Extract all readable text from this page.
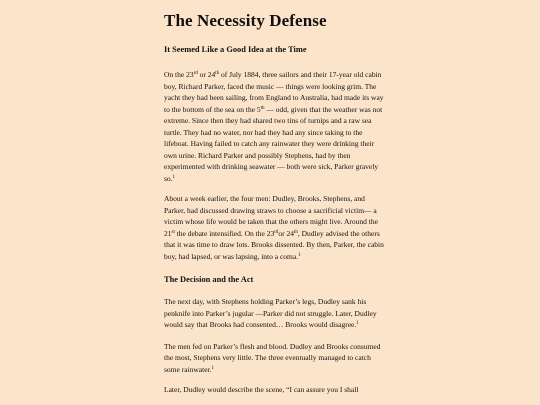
The Necessity Defense
It Seemed Like a Good Idea at the Time

On the 23rd or 24th of July 1884, three sailors and their 17-year old cabin boy, Richard Parker, faced the music — things were looking grim. The yacht they had been sailing, from England to Australia, had made its way to the bottom of the sea on the 5th — odd, given that the weather was not extreme. Since then they had shared two tins of turnips and a raw sea turtle. They had no water, nor had they had any since taking to the lifeboat. Having failed to catch any rainwater they were drinking their own urine. Richard Parker and possibly Stephens, had by then experimented with drinking seawater — both were sick, Parker gravely so.$^1$

About a week earlier, the four men: Dudley, Brooks, Stephens, and Parker, had discussed drawing straws to choose a sacrificial victim— a victim whose life would be taken that the others might live. Around the 21st the debate intensified. On the 23rdor 24th, Dudley advised the others that it was time to draw lots. Brooks dissented. By then, Parker, the cabin boy, had lapsed, or was lapsing, into a coma.$^1$

The Decision and the Act

The next day, with Stephens holding Parker’s legs, Dudley sank his penknife into Parker’s jugular —Parker did not struggle. Later, Dudley would say that Brooks had consented… Brooks would disagree.$^1$

The men fed on Parker’s flesh and blood. Dudley and Brooks consumed the most, Stephens very little. The three eventually managed to catch some rainwater.$^1$

Later, Dudley would describe the scene, “I can assure you I shall
